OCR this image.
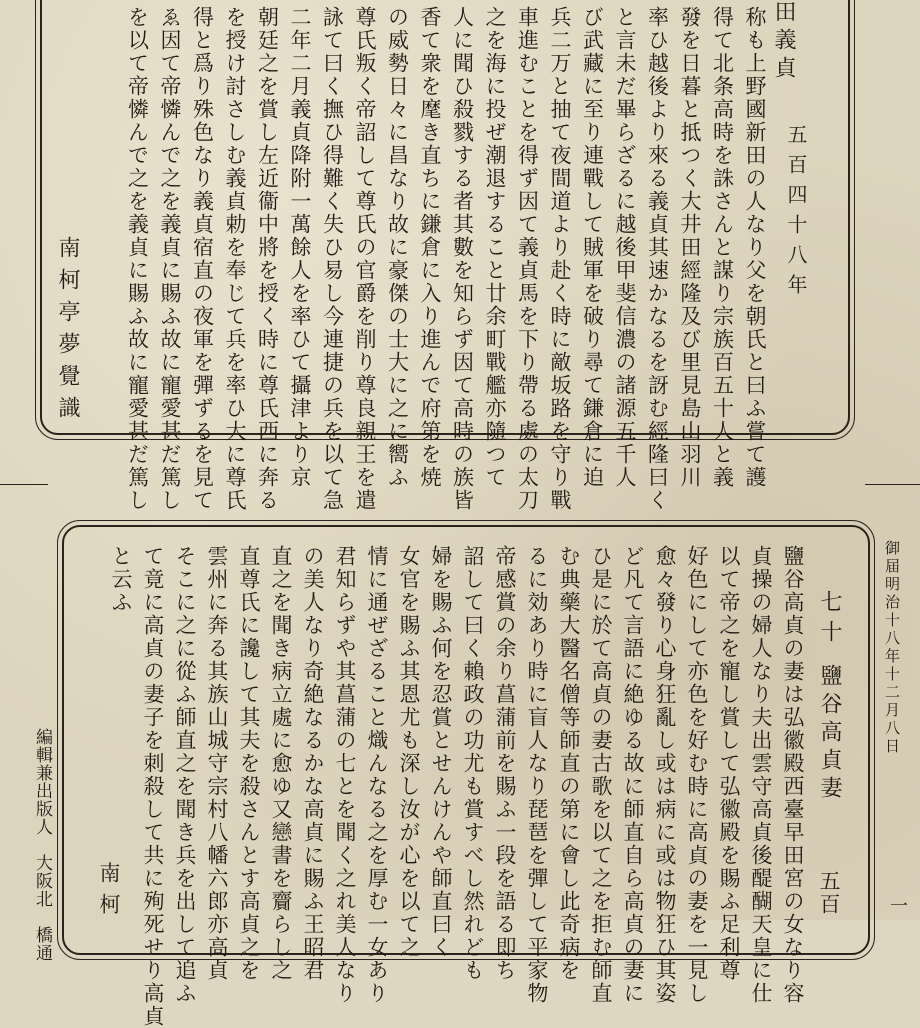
田義貞
五百四十八年
称も上野國新田の人なり父を朝氏と曰ふ嘗て護
得て北条高時を誅さんと謀り宗族百五十人と義
發を日暮と抵つく大井田經隆及び里見島山羽川
率ひ越後より來る義貞其速かなるを訝む經隆曰く
と言未だ畢らざるに越後甲斐信濃の諸源五千人
び武藏に至り連戰して賊軍を破り尋て鎌倉に迫
兵二万と抽て夜間道より赴く時に敵坂路を守り戰
車進むことを得ず因て義貞馬を下り帶る處の太刀
之を海に投ぜ潮退すること廿余町戰艦亦隨つて
人に聞ひ殺戮する者其數を知らず因て高時の族皆
香て衆を麾き直ちに鎌倉に入り進んで府第を焼
の威勢日々に昌なり故に豪傑の士大に之に嚮ふ
尊氏叛く帝詔して尊氏の官爵を削り尊良親王を遣
詠て曰く撫ひ得難く失ひ易し今連捷の兵を以て急
二年二月義貞降附一萬餘人を率ひて攝津より京
朝廷之を賞し左近衞中將を授く時に尊氏西に奔る
を授け討さしむ義貞勅を奉じて兵を率ひ大に尊氏
得と爲り殊色なり義貞宿直の夜軍を彈ずるを見て
ゑ因て帝憐んで之を義貞に賜ふ故に寵愛甚だ篤し
を以て帝憐んで之を義貞に賜ふ故に寵愛甚だ篤し
南柯亭夢覺識
七十
鹽谷高貞妻
五百
鹽谷高貞の妻は弘徽殿西臺早田宮の女なり容
貞操の婦人なり夫出雲守高貞後醍醐天皇に仕
以て帝之を寵し賞して弘徽殿を賜ふ足利尊
好色にして亦色を好む時に高貞の妻を一見し
愈々發り心身狂亂し或は病に或は物狂ひ其姿
ど凡て言語に絶ゆる故に師直自ら高貞の妻に
ひ是に於て高貞の妻古歌を以て之を拒む師直
む典藥大醫名僧等師直の第に會し此奇病を
るに効あり時に盲人なり琵琶を彈して平家物
帝感賞の余り菖蒲前を賜ふ一段を語る即ち
詔して曰く賴政の功尤も賞すべし然れども
婦を賜ふ何を忍賞とせんけんや師直曰く
女官を賜ふ其恩尤も深し汝が心を以て之
情に通ぜざること熾んなる之を厚む一女あり
君知らずや其菖蒲の七とを聞く之れ美人なり
の美人なり奇絶なるかな高貞に賜ふ王昭君
直之を聞き病立處に愈ゆ又戀書を齎らし之
直尊氏に讒して其夫を殺さんとす高貞之を
雲州に奔る其族山城守宗村八幡六郎亦高貞
そこに之に從ふ師直之を聞き兵を出して追ふ
て竟に高貞の妻子を刺殺して共に殉死せり高貞
と云ふ
南柯
御届明治十八年十二月八日
一
編輯兼出版人　大阪北　橋通
